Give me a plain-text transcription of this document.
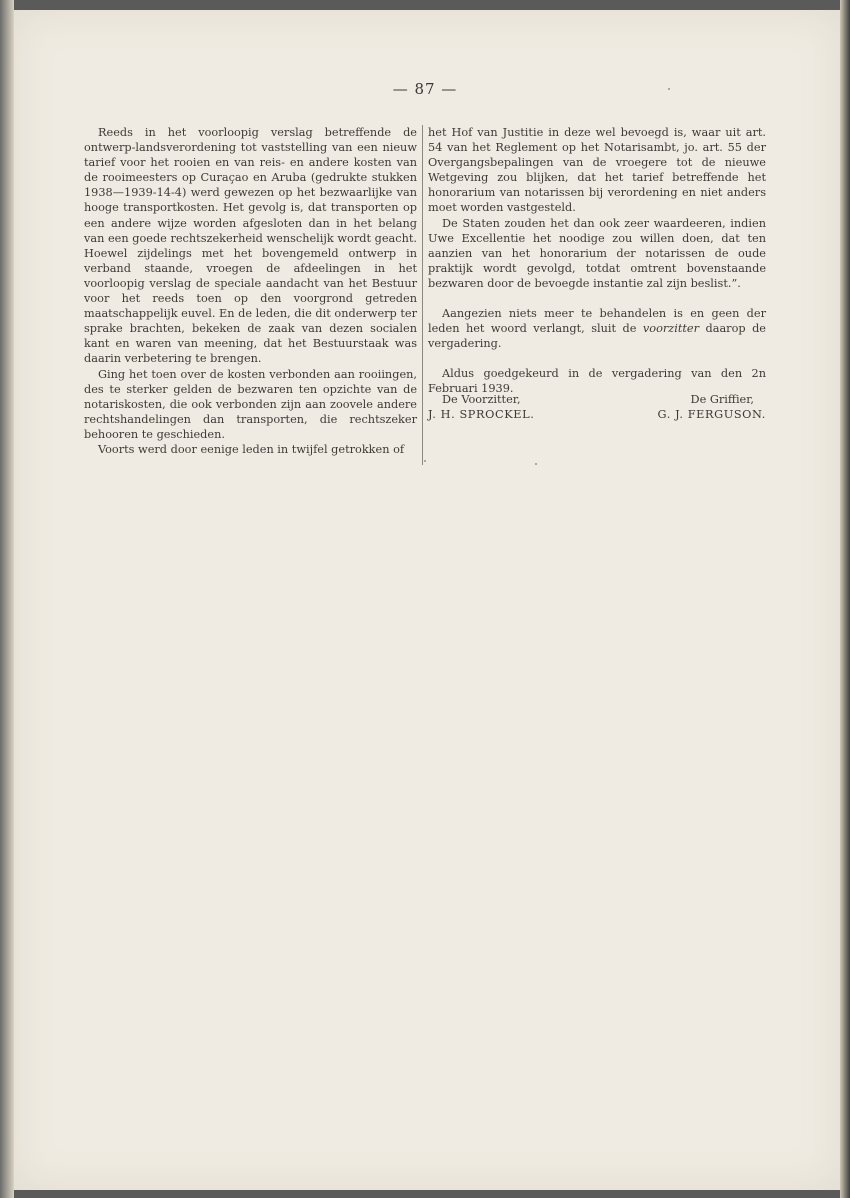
— 87 —

Reeds in het voorloopig verslag betreffende de ontwerp-landsverordening tot vaststelling van een nieuw tarief voor het rooien en van reis- en andere kosten van de rooimeesters op Curaçao en Aruba (gedrukte stukken 1938—1939-14-4) werd gewezen op het bezwaarlijke van hooge transportkosten. Het gevolg is, dat transporten op een andere wijze worden afgesloten dan in het belang van een goede rechtszekerheid wenschelijk wordt geacht. Hoewel zijdelings met het bovengemeld ontwerp in verband staande, vroegen de afdeelingen in het voorloopig verslag de speciale aandacht van het Bestuur voor het reeds toen op den voorgrond getreden maatschappelijk euvel. En de leden, die dit onderwerp ter sprake brachten, bekeken de zaak van dezen socialen kant en waren van meening, dat het Bestuurstaak was daarin verbetering te brengen.

Ging het toen over de kosten verbonden aan rooiingen, des te sterker gelden de bezwaren ten opzichte van de notariskosten, die ook verbonden zijn aan zoovele andere rechtshandelingen dan transporten, die rechtszeker behooren te geschieden.

Voorts werd door eenige leden in twijfel getrokken of

het Hof van Justitie in deze wel bevoegd is, waar uit art. 54 van het Reglement op het Notarisambt, jo. art. 55 der Overgangsbepalingen van de vroegere tot de nieuwe Wetgeving zou blijken, dat het tarief betreffende het honorarium van notarissen bij verordening en niet anders moet worden vastgesteld.

De Staten zouden het dan ook zeer waardeeren, indien Uwe Excellentie het noodige zou willen doen, dat ten aanzien van het honorarium der notarissen de oude praktijk wordt gevolgd, totdat omtrent bovenstaande bezwaren door de bevoegde instantie zal zijn beslist.”.

Aangezien niets meer te behandelen is en geen der leden het woord verlangt, sluit de voorzitter daarop de vergadering.

Aldus goedgekeurd in de vergadering van den 2n Februari 1939.

De Voorzitter,	De Griffier,
J. H. SPROCKEL.	G. J. FERGUSON.
